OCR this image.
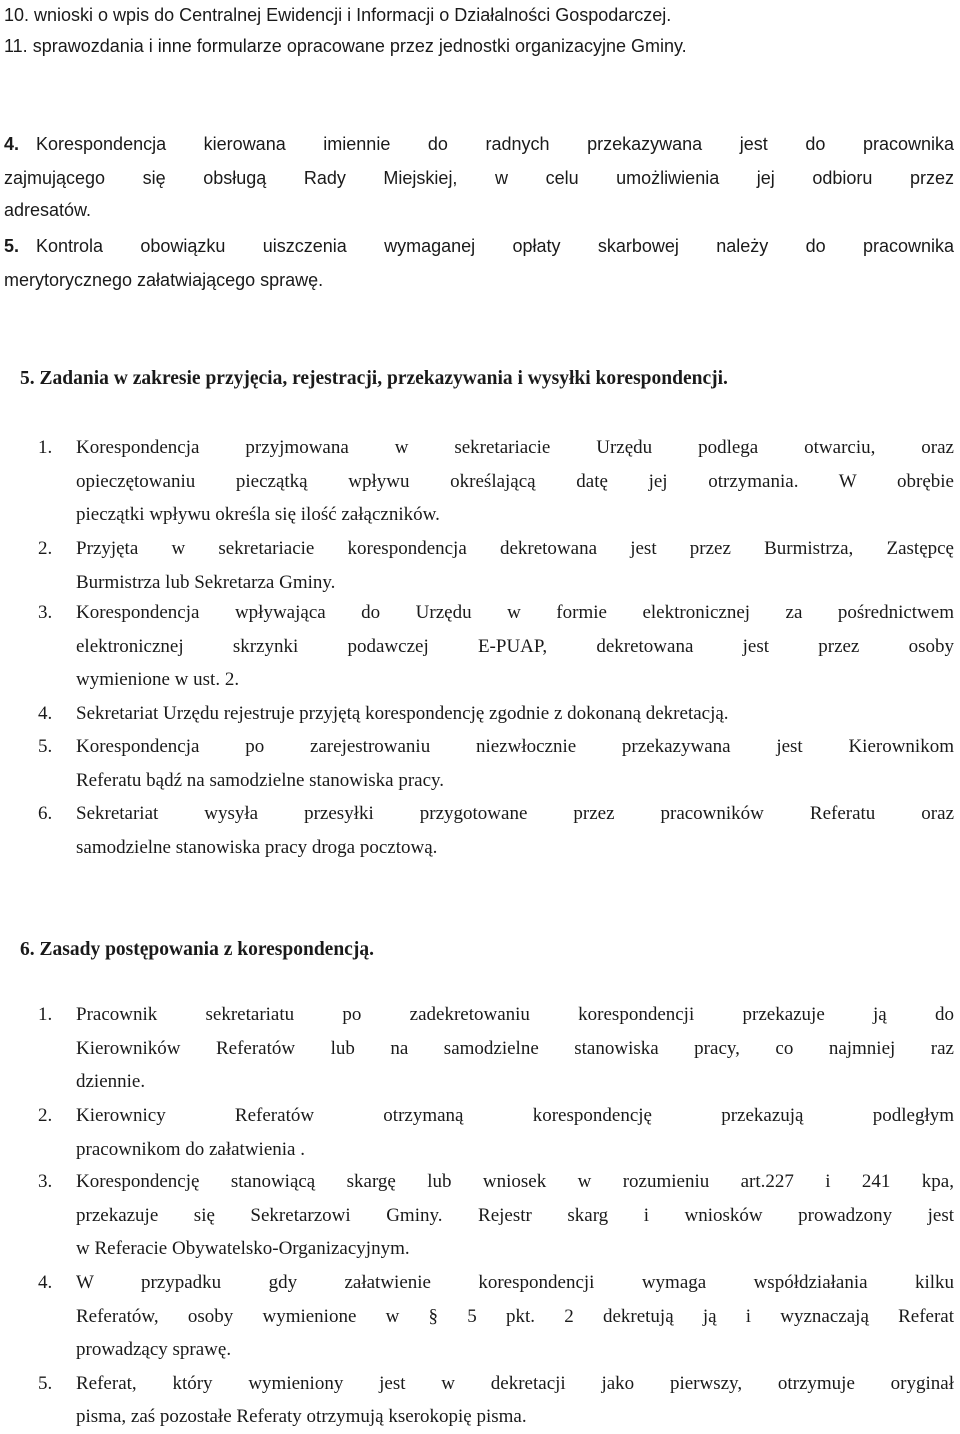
10. wnioski o wpis do Centralnej Ewidencji i Informacji o Działalności Gospodarczej.
11. sprawozdania i inne formularze opracowane przez jednostki organizacyjne Gminy.
4. Korespondencja kierowana imiennie do radnych przekazywana jest do pracownika
zajmującego się obsługą Rady Miejskiej, w celu umożliwienia jej odbioru przez
adresatów.
5. Kontrola obowiązku uiszczenia wymaganej opłaty skarbowej należy do pracownika
merytorycznego załatwiającego sprawę.
5. Zadania w zakresie przyjęcia, rejestracji, przekazywania i wysyłki korespondencji.
1. Korespondencja przyjmowana w sekretariacie Urzędu podlega otwarciu, oraz
opieczętowaniu pieczątką wpływu określającą datę jej otrzymania. W obrębie
pieczątki wpływu określa się ilość załączników.
2. Przyjęta w sekretariacie korespondencja dekretowana jest przez Burmistrza, Zastępcę
Burmistrza lub Sekretarza Gminy.
3. Korespondencja wpływająca do Urzędu w formie elektronicznej za pośrednictwem
elektronicznej skrzynki podawczej E-PUAP, dekretowana jest przez osoby
wymienione w ust. 2.
4. Sekretariat Urzędu rejestruje przyjętą korespondencję zgodnie z dokonaną dekretacją.
5. Korespondencja po zarejestrowaniu niezwłocznie przekazywana jest Kierownikom
Referatu bądź na samodzielne stanowiska pracy.
6. Sekretariat wysyła przesyłki przygotowane przez pracowników Referatu oraz
samodzielne stanowiska pracy droga pocztową.
6. Zasady postępowania z korespondencją.
1. Pracownik sekretariatu po zadekretowaniu korespondencji przekazuje ją do
Kierowników Referatów lub na samodzielne stanowiska pracy, co najmniej raz
dziennie.
2. Kierownicy Referatów otrzymaną korespondencję przekazują podległym
pracownikom do załatwienia .
3. Korespondencję stanowiącą skargę lub wniosek w rozumieniu art.227 i 241 kpa,
przekazuje się Sekretarzowi Gminy. Rejestr skarg i wniosków prowadzony jest
w Referacie Obywatelsko-Organizacyjnym.
4. W przypadku gdy załatwienie korespondencji wymaga współdziałania kilku
Referatów, osoby wymienione w § 5 pkt. 2 dekretują ją i wyznaczają Referat
prowadzący sprawę.
5. Referat, który wymieniony jest w dekretacji jako pierwszy, otrzymuje oryginał
pisma, zaś pozostałe Referaty otrzymują kserokopię pisma.
